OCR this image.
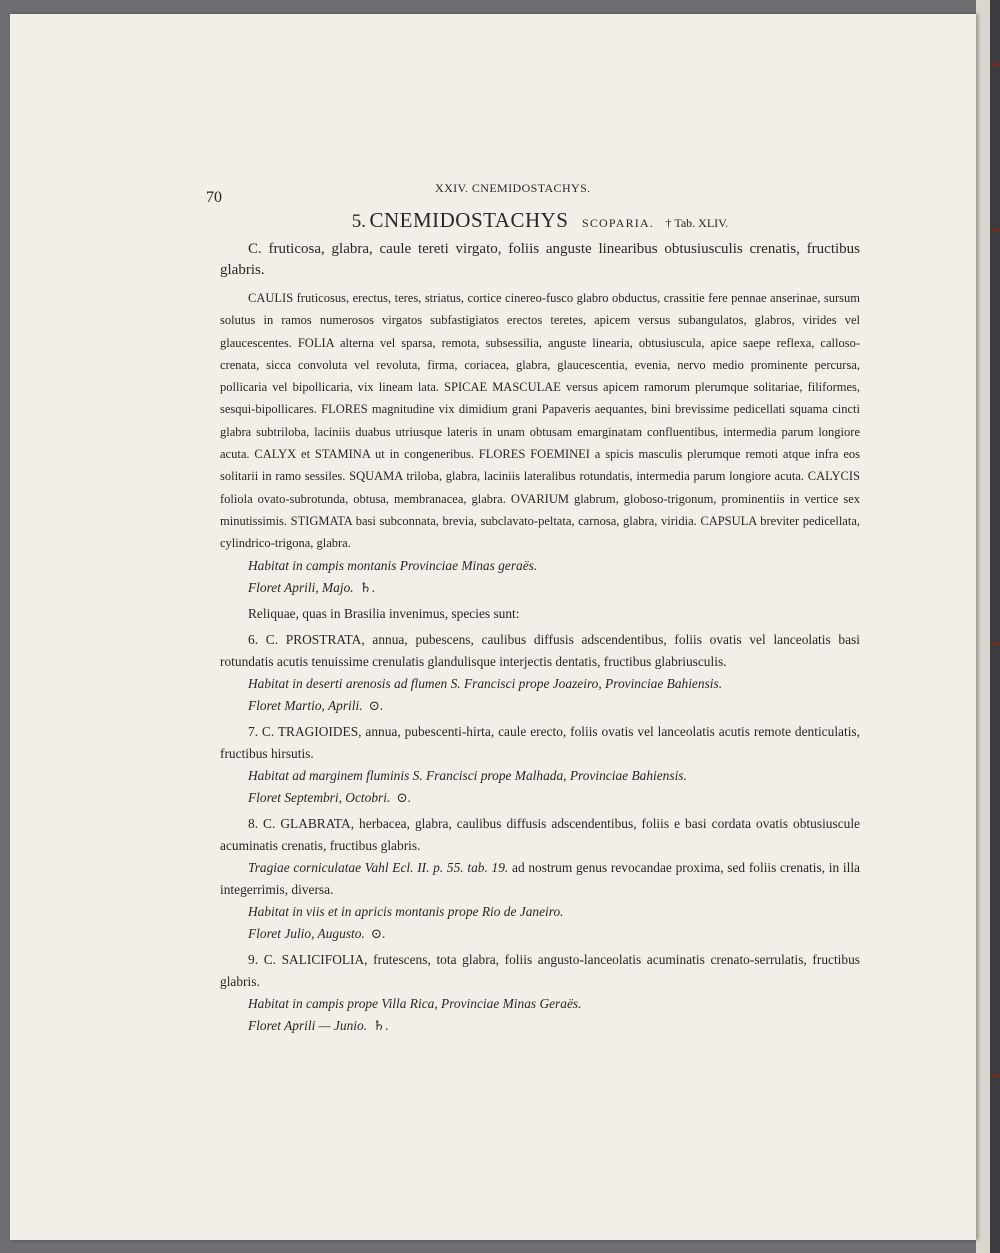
70
XXIV. CNEMIDOSTACHYS.
5. CNEMIDOSTACHYS SCOPARIA. † Tab. XLIV.

C. fruticosa, glabra, caule tereti virgato, foliis anguste linearibus obtusiusculis crenatis, fructibus glabris.

CAULIS fruticosus, erectus, teres, striatus, cortice cinereo-fusco glabro obductus, crassitie fere pennae anserinae, sursum solutus in ramos numerosos virgatos subfastigiatos erectos teretes, apicem versus subangulatos, glabros, virides vel glaucescentes. FOLIA alterna vel sparsa, remota, subsessilia, anguste linearia, obtusiuscula, apice saepe reflexa, calloso-crenata, sicca convoluta vel revoluta, firma, coriacea, glabra, glaucescentia, evenia, nervo medio prominente percursa, pollicaria vel bipollicaria, vix lineam lata. SPICAE MASCULAE versus apicem ramorum plerumque solitariae, filiformes, sesqui-bipollicares. FLORES magnitudine vix dimidium grani Papaveris aequantes, bini brevissime pedicellati squama cincti glabra subtriloba, laciniis duabus utriusque lateris in unam obtusam emarginatam confluentibus, intermedia parum longiore acuta. CALYX et STAMINA ut in congeneribus. FLORES FOEMINEI a spicis masculis plerumque remoti atque infra eos solitarii in ramo sessiles. SQUAMA triloba, glabra, laciniis lateralibus rotundatis, intermedia parum longiore acuta. CALYCIS foliola ovato-subrotunda, obtusa, membranacea, glabra. OVARIUM glabrum, globoso-trigonum, prominentiis in vertice sex minutissimis. STIGMATA basi subconnata, brevia, subclavato-peltata, carnosa, glabra, viridia. CAPSULA breviter pedicellata, cylindrico-trigona, glabra.

Habitat in campis montanis Provinciae Minas geraës.

Floret Aprili, Majo. ♄.

Reliquae, quas in Brasilia invenimus, species sunt:

6. C. PROSTRATA, annua, pubescens, caulibus diffusis adscendentibus, foliis ovatis vel lanceolatis basi rotundatis acutis tenuissime crenulatis glandulisque interjectis dentatis, fructibus glabriusculis.

Habitat in deserti arenosis ad flumen S. Francisci prope Joazeiro, Provinciae Bahiensis.

Floret Martio, Aprili. ⊙.

7. C. TRAGIOIDES, annua, pubescenti-hirta, caule erecto, foliis ovatis vel lanceolatis acutis remote denticulatis, fructibus hirsutis.

Habitat ad marginem fluminis S. Francisci prope Malhada, Provinciae Bahiensis.

Floret Septembri, Octobri. ⊙.

8. C. GLABRATA, herbacea, glabra, caulibus diffusis adscendentibus, foliis e basi cordata ovatis obtusiuscule acuminatis crenatis, fructibus glabris.

Tragiae corniculatae Vahl Ecl. II. p. 55. tab. 19. ad nostrum genus revocandae proxima, sed foliis crenatis, in illa integerrimis, diversa.

Habitat in viis et in apricis montanis prope Rio de Janeiro.

Floret Julio, Augusto. ⊙.

9. C. SALICIFOLIA, frutescens, tota glabra, foliis angusto-lanceolatis acuminatis crenato-serrulatis, fructibus glabris.

Habitat in campis prope Villa Rica, Provinciae Minas Geraës.

Floret Aprili — Junio. ♄.
